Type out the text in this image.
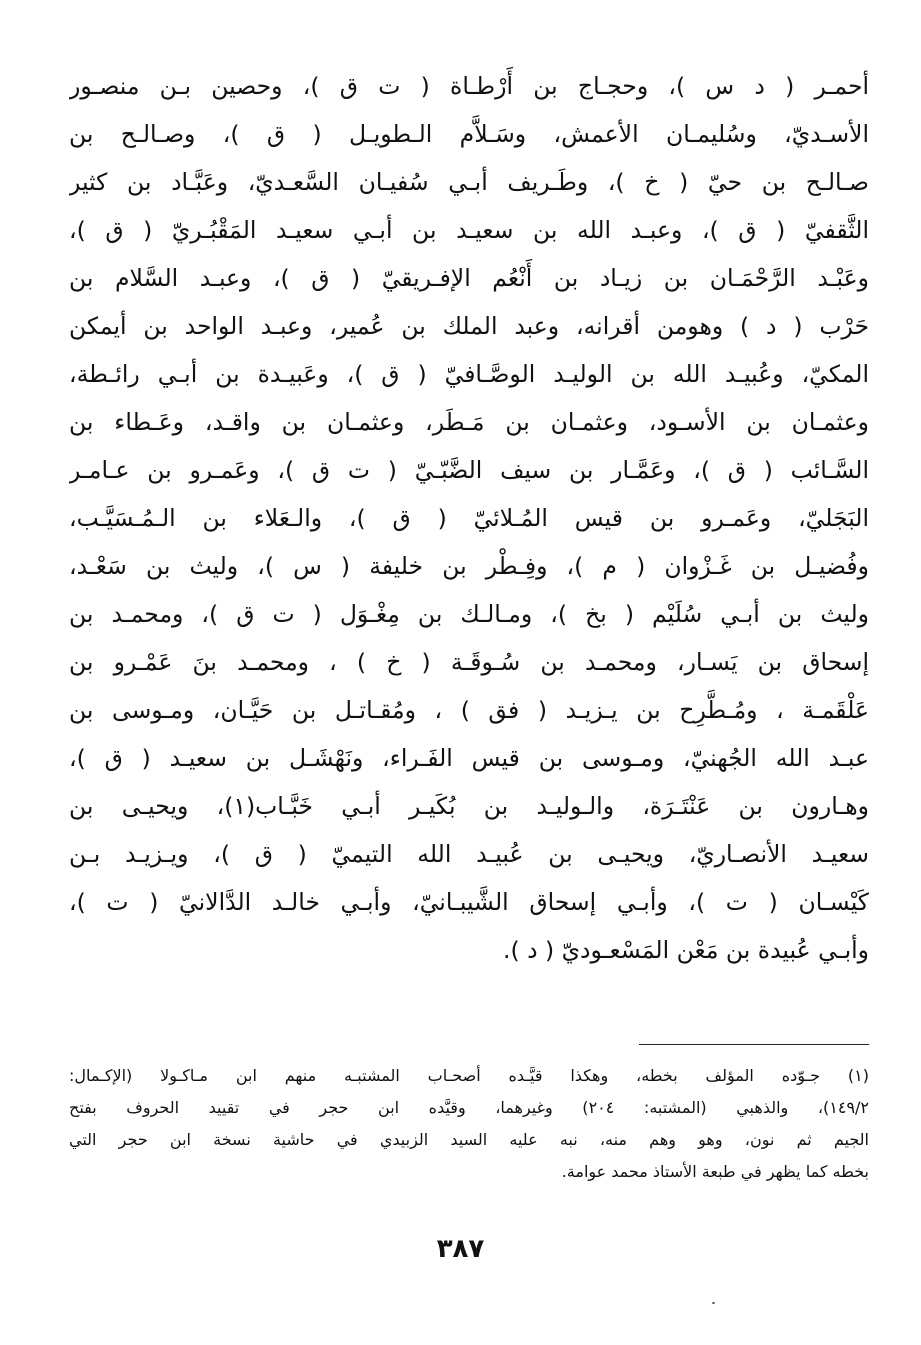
أحمـر ( د س )، وحجـاج بن أَرْطـاة ( ت ق )، وحصين بـن منصـور
الأسـديّ، وسُليمـان الأعمش، وسَـلاَّم الـطويـل ( ق )، وصـالـح بن
صـالـح بن حيّ ( خ )، وطَـريف أبـي سُفيـان السَّعـديّ، وعَبَّـاد بن كثير
الثَّقفيّ ( ق )، وعبـد الله بن سعيـد بن أبـي سعيـد المَقْبُـريّ ( ق )،
وعَبْـد الرَّحْمَـان بن زيـاد بن أَنْعُم الإفـريقيّ ( ق )، وعبـد السَّلام بن
حَرْب ( د ) وهومن أقرانه، وعبد الملك بن عُمير، وعبـد الواحد بن أيمكن
المكيّ، وعُبيـد الله بن الوليـد الوصَّـافيّ ( ق )، وعَبيـدة بن أبـي رائـطة،
وعثمـان بن الأسـود، وعثمـان بن مَـطَر، وعثمـان بن واقـد، وعَـطاء بن
السَّـائب ( ق )، وعَمَّـار بن سيف الضَّبّـيّ ( ت ق )، وعَمـرو بن عـامـر
البَجَليّ، وعَمـرو بن قيس المُـلائيّ ( ق )، والـعَلاء بن الـمُـسَيَّـب،
وفُضيـل بن غَـزْوان ( م )، وفِـطْر بن خليفة ( س )، وليث بن سَعْـد،
وليث بن أبـي سُلَيْم ( بخ )، ومـالـك بن مِغْـوَل ( ت ق )، ومحمـد بن
إسحاق بن يَسـار، ومحمـد بن سُـوقَـة ( خ ) ، ومحمـد بنَ عَمْـرو بن
عَلْقَمـة ، ومُـطَّرِح بن يـزيـد ( فق ) ، ومُقـاتـل بن حَيَّـان، ومـوسى بن
عبـد الله الجُهنيّ، ومـوسى بن قيس الفَـراء، ونَهْشَـل بن سعيـد ( ق )،
وهـارون بن عَنْتَـرَة، والـوليـد بن بُكَيـر أبـي خَبَّـاب(١)، ويحيـى بن
سعيـد الأنصـاريّ، ويحيـى بن عُبيـد الله التيميّ ( ق )، ويـزيـد بـن
كَيْسـان ( ت )، وأبـي إسحاق الشَّيبـانيّ، وأبـي خالـد الدَّالانيّ ( ت )،
وأبـي عُبيدة بن مَعْن المَسْعـوديّ ( د ).
(١) جـوّده المؤلف بخطه، وهكذا قيَّـده أصحـاب المشتبـه منهم ابن مـاكـولا (الإكـمال:
١٤٩/٢)، والذهبي (المشتبه: ٢٠٤) وغيرهما، وقيَّده ابن حجر في تقييد الحروف بفتح
الجيم ثم نون، وهو وهم منه، نبه عليه السيد الزبيدي في حاشية نسخة ابن حجر التي
بخطه كما يظهر في طبعة الأستاذ محمد عوامة.
٣٨٧
